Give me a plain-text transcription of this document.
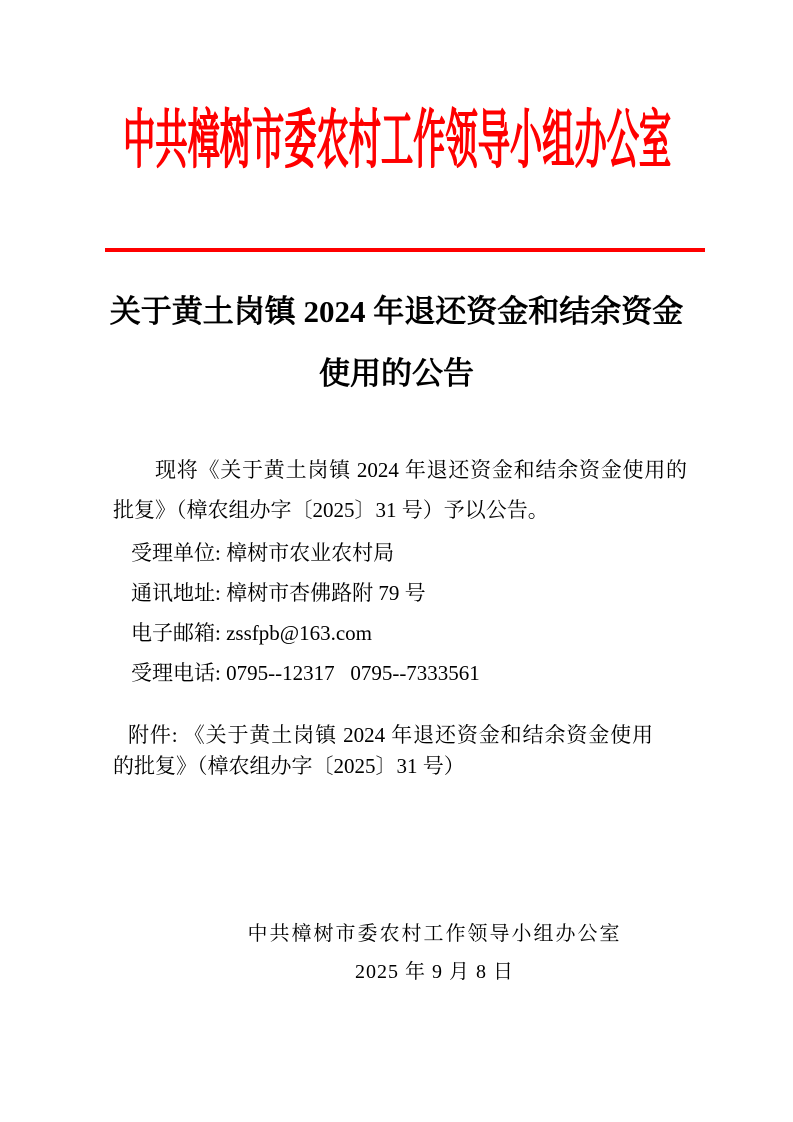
中共樟树市委农村工作领导小组办公室
关于黄土岗镇 2024 年退还资金和结余资金
使用的公告

现将《关于黄土岗镇 2024 年退还资金和结余资金使用的批复》（樟农组办字〔2025〕31 号）予以公告。

受理单位: 樟树市农业农村局
通讯地址: 樟树市杏佛路附 79 号
电子邮箱: zssfpb@163.com
受理电话: 0795--12317   0795--7333561

附件: 《关于黄土岗镇 2024 年退还资金和结余资金使用的批复》（樟农组办字〔2025〕31 号）

中共樟树市委农村工作领导小组办公室
2025 年 9 月 8 日
